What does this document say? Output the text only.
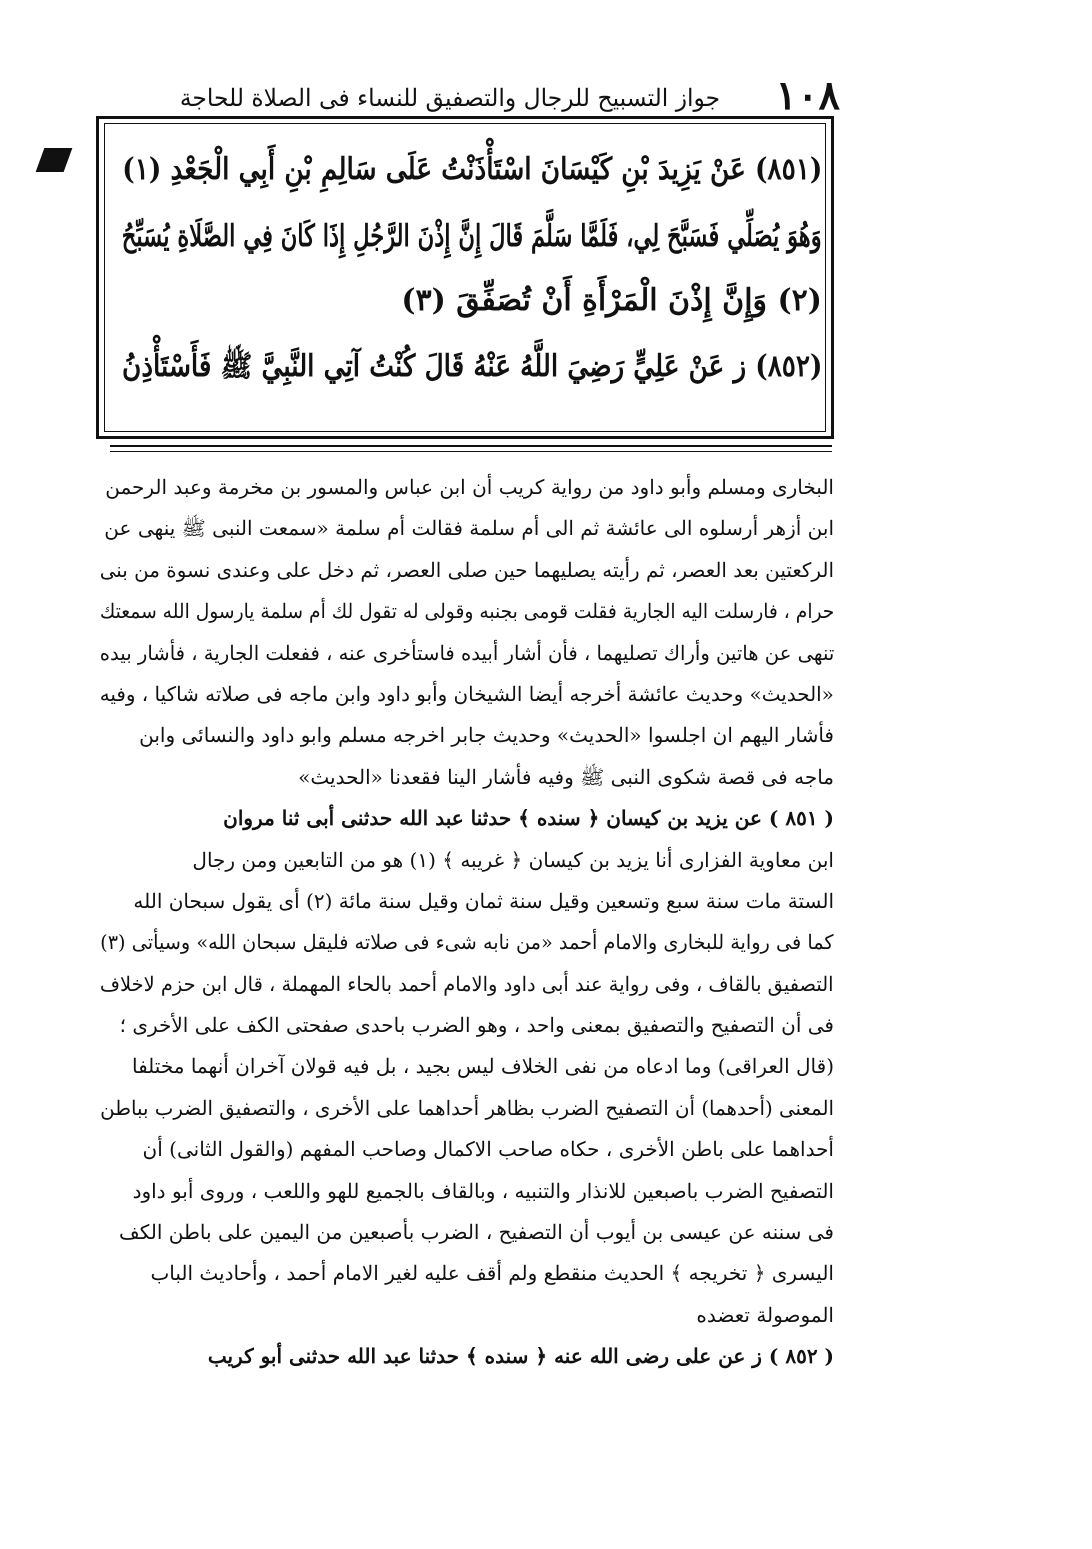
١٠٨
جواز التسبيح للرجال والتصفيق للنساء فى الصلاة للحاجة
(٨٥١) عَنْ يَزِيدَ بْنِ كَيْسَانَ اسْتَأْذَنْتُ عَلَى سَالِمِ بْنِ أَبِي الْجَعْدِ (١)
وَهُوَ يُصَلِّي فَسَبَّحَ لِي، فَلَمَّا سَلَّمَ قَالَ إِنَّ إِذْنَ الرَّجُلِ إِذَا كَانَ فِي الصَّلَاةِ يُسَبِّحُ
(٢) وَإِنَّ إِذْنَ الْمَرْأَةِ أَنْ تُصَفِّقَ (٣)
(٨٥٢) ز عَنْ عَلِيٍّ رَضِيَ اللَّهُ عَنْهُ قَالَ كُنْتُ آتِي النَّبِيَّ ﷺ فَأَسْتَأْذِنُ
البخارى ومسلم وأبو داود من رواية كريب أن ابن عباس والمسور بن مخرمة وعبد الرحمن
ابن أزهر أرسلوه الى عائشة ثم الى أم سلمة فقالت أم سلمة «سمعت النبى ﷺ ينهى عن
الركعتين بعد العصر، ثم رأيته يصليهما حين صلى العصر، ثم دخل على وعندى نسوة من بنى
حرام ، فارسلت اليه الجارية فقلت قومى بجنبه وقولى له تقول لك أم سلمة يارسول الله سمعتك
تنهى عن هاتين وأراك تصليهما ، فأن أشار أبيده فاستأخرى عنه ، ففعلت الجارية ، فأشار بيده
«الحديث» وحديث عائشة أخرجه أيضا الشيخان وأبو داود وابن ماجه فى صلاته شاكيا ، وفيه
فأشار اليهم ان اجلسوا «الحديث» وحديث جابر اخرجه مسلم وابو داود والنسائى وابن
ماجه فى قصة شكوى النبى ﷺ وفيه فأشار الينا فقعدنا «الحديث»
( ٨٥١ ) عن يزيد بن كيسان ﴿ سنده ﴾ حدثنا عبد الله حدثنى أبى ثنا مروان
ابن معاوية الفزارى أنا يزيد بن كيسان ﴿ غريبه ﴾ (١) هو من التابعين ومن رجال
الستة مات سنة سبع وتسعين وقيل سنة ثمان وقيل سنة مائة (٢) أى يقول سبحان الله
كما فى رواية للبخارى والامام أحمد «من نابه شىء فى صلاته فليقل سبحان الله» وسيأتى (٣)
التصفيق بالقاف ، وفى رواية عند أبى داود والامام أحمد بالحاء المهملة ، قال ابن حزم لاخلاف
فى أن التصفيح والتصفيق بمعنى واحد ، وهو الضرب باحدى صفحتى الكف على الأخرى ؛
(قال العراقى) وما ادعاه من نفى الخلاف ليس بجيد ، بل فيه قولان آخران أنهما مختلفا
المعنى (أحدهما) أن التصفيح الضرب بظاهر أحداهما على الأخرى ، والتصفيق الضرب بباطن
أحداهما على باطن الأخرى ، حكاه صاحب الاكمال وصاحب المفهم (والقول الثانى) أن
التصفيح الضرب باصبعين للانذار والتنبيه ، وبالقاف بالجميع للهو واللعب ، وروى أبو داود
فى سننه عن عيسى بن أيوب أن التصفيح ، الضرب بأصبعين من اليمين على باطن الكف
اليسرى ﴿ تخريجه ﴾ الحديث منقطع ولم أقف عليه لغير الامام أحمد ، وأحاديث الباب
الموصولة تعضده
( ٨٥٢ ) ز عن على رضى الله عنه ﴿ سنده ﴾ حدثنا عبد الله حدثنى أبو كريب
